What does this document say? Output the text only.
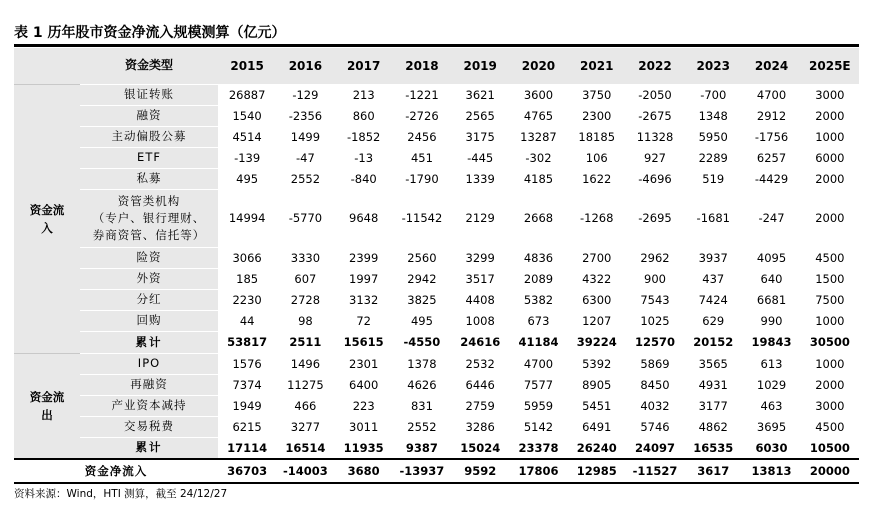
表 1 历年股市资金净流入规模测算（亿元）
	资金类型	2015	2016	2017	2018	2019	2020	2021	2022	2023	2024	2025E
资金流
入	银证转账	26887	-129	213	-1221	3621	3600	3750	-2050	-700	4700	3000
	融资	1540	-2356	860	-2726	2565	4765	2300	-2675	1348	2912	2000
	主动偏股公募	4514	1499	-1852	2456	3175	13287	18185	11328	5950	-1756	1000
	ETF	-139	-47	-13	451	-445	-302	106	927	2289	6257	6000
	私募	495	2552	-840	-1790	1339	4185	1622	-4696	519	-4429	2000
	资管类机构
（专户、银行理财、
券商资管、信托等）	14994	-5770	9648	-11542	2129	2668	-1268	-2695	-1681	-247	2000
	险资	3066	3330	2399	2560	3299	4836	2700	2962	3937	4095	4500
	外资	185	607	1997	2942	3517	2089	4322	900	437	640	1500
	分红	2230	2728	3132	3825	4408	5382	6300	7543	7424	6681	7500
	回购	44	98	72	495	1008	673	1207	1025	629	990	1000
	累计	53817	2511	15615	-4550	24616	41184	39224	12570	20152	19843	30500
资金流
出	IPO	1576	1496	2301	1378	2532	4700	5392	5869	3565	613	1000
	再融资	7374	11275	6400	4626	6446	7577	8905	8450	4931	1029	2000
	产业资本减持	1949	466	223	831	2759	5959	5451	4032	3177	463	3000
	交易税费	6215	3277	3011	2552	3286	5142	6491	5746	4862	3695	4500
	累计	17114	16514	11935	9387	15024	23378	26240	24097	16535	6030	10500
资金净流入		36703	-14003	3680	-13937	9592	17806	12985	-11527	3617	13813	20000
资料来源：Wind，HTI 测算，截至 24/12/27
